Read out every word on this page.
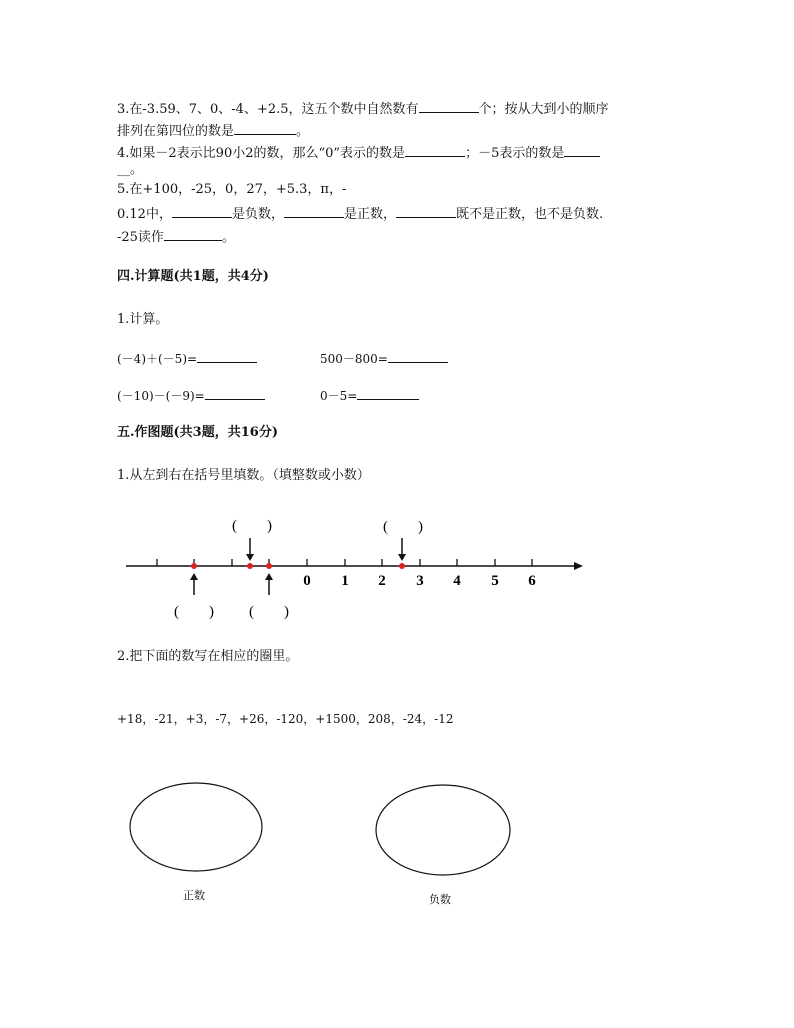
3.在-3.59、7、0、-4、+2.5，这五个数中自然数有	个；按从大到小的顺序
排列在第四位的数是	。
4.如果－2表示比90小2的数，那么“0”表示的数是	；－5表示的数是
__。
5.在+100，-25，0，27，+5.3，π，-
0.12中，	是负数，	是正数，	既不是正数，也不是负数.
-25读作	。
四.计算题(共1题，共4分)
1.计算。
(－4)＋(－5)=	500－800=
(－10)－(－9)=	0－5=
五.作图题(共3题，共16分)
1.从左到右在括号里填数。（填整数或小数）
(　　)	(　　)
0 1 2 3 4 5 6
(　　) (　　)
2.把下面的数写在相应的圈里。
+18，-21，+3，-7，+26，-120，+1500，208，-24，-12
正数	负数
